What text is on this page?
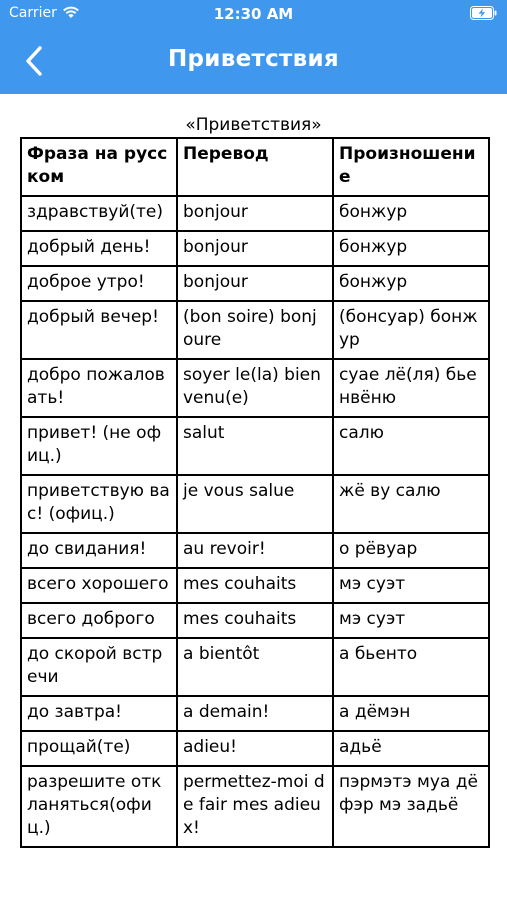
Carrier	12:30 AM
Приветствия
«Приветствия»
Фраза на русском	Перевод	Произношение
здравствуй(те)	bonjour	бонжур
добрый день!	bonjour	бонжур
доброе утро!	bonjour	бонжур
добрый вечер!	(bon soire) bonjoure	(бонсуар) бонжур
добро пожаловать!	soyer le(la) bienvenu(e)	суае лё(ля) бьенвёню
привет! (не офиц.)	salut	салю
приветствую вас! (офиц.)	je vous salue	жё ву салю
до свидания!	au revoir!	о рёвуар
всего хорошего	mes couhaits	мэ суэт
всего доброго	mes couhaits	мэ суэт
до скорой встречи	a bientôt	а бьенто
до завтра!	a demain!	а дёмэн
прощай(те)	adieu!	адьё
разрешите откланяться(офиц.)	permettez-moi de fair mes adieux!	пэрмэтэ муа дё фэр мэ задьё
